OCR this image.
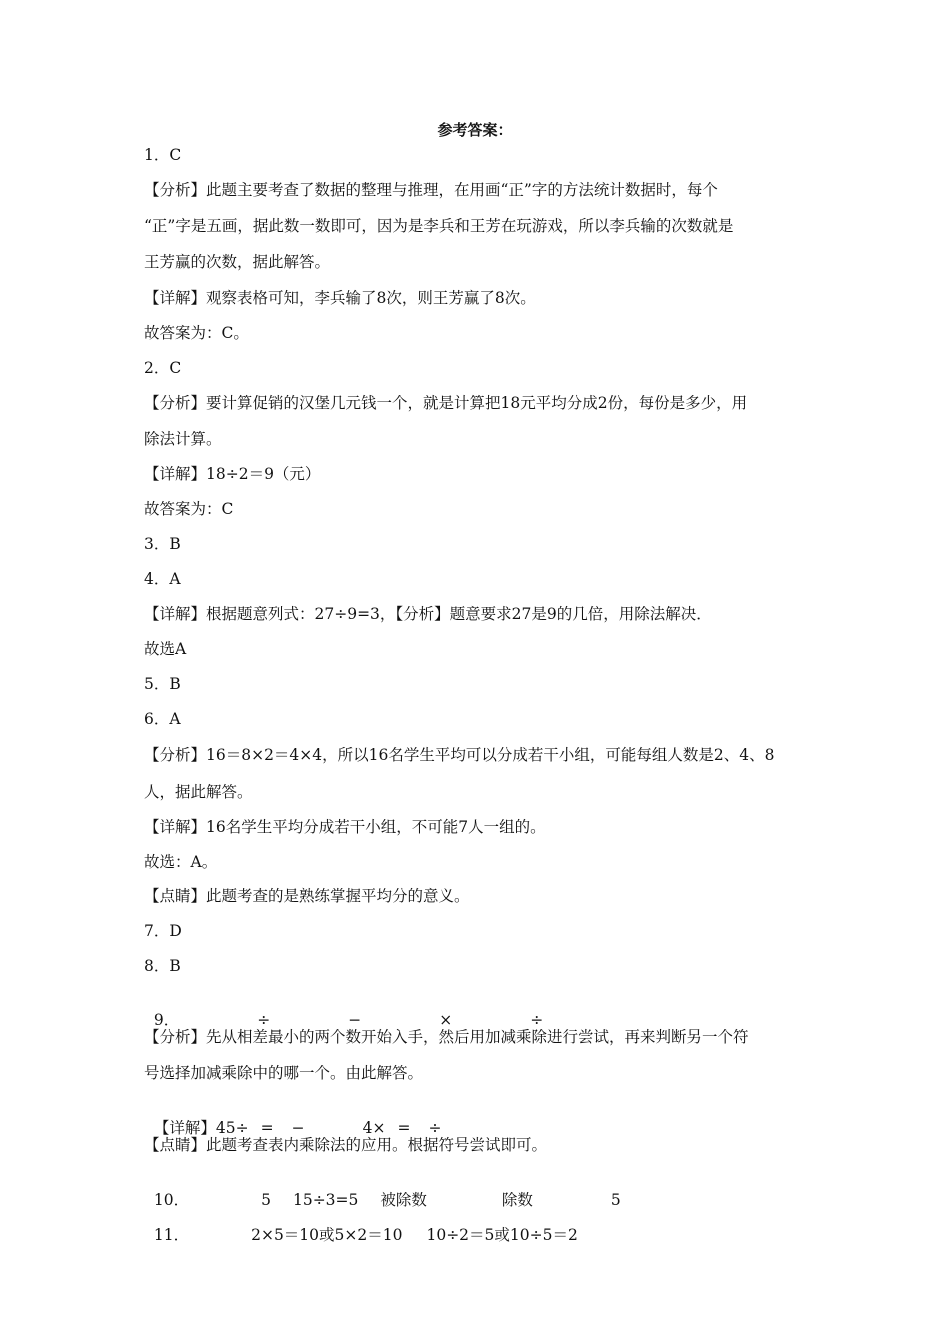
参考答案：
1．C
【分析】此题主要考查了数据的整理与推理，在用画“正”字的方法统计数据时，每个
“正”字是五画，据此数一数即可，因为是李兵和王芳在玩游戏，所以李兵输的次数就是
王芳赢的次数，据此解答。
【详解】观察表格可知，李兵输了8次，则王芳赢了8次。
故答案为：C。
2．C
【分析】要计算促销的汉堡几元钱一个，就是计算把18元平均分成2份，每份是多少，用
除法计算。
【详解】18÷2＝9（元）
故答案为：C
3．B
4．A
【详解】根据题意列式：27÷9=3，【分析】题意要求27是9的几倍，用除法解决．
故选A
5．B
6．A
【分析】16＝8×2＝4×4，所以16名学生平均可以分成若干小组，可能每组人数是2、4、8
人，据此解答。
【详解】16名学生平均分成若干小组，不可能7人一组的。
故选：A。
【点睛】此题考查的是熟练掌握平均分的意义。
7．D
8．B

9．	÷	−	×	÷

【分析】先从相差最小的两个数开始入手，然后用加减乘除进行尝试，再来判断另一个符
号选择加减乘除中的哪一个。由此解答。

【详解】45÷ = −	4× = ÷

【点睛】此题考查表内乘除法的应用。根据符号尝试即可。

10．	5 15÷3=5 被除数	除数	5

11．	2×5＝10或5×2＝10 10÷2＝5或10÷5＝2
